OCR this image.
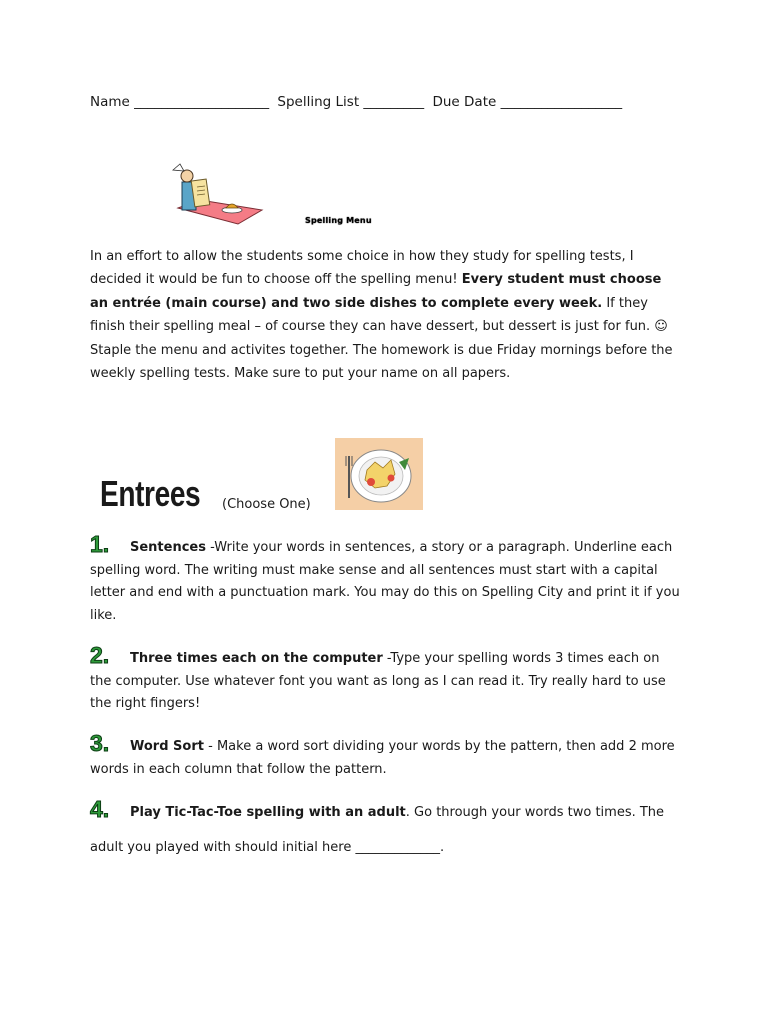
Name ____________________ Spelling List _________ Due Date __________________
Spelling Menu
In an effort to allow the students some choice in how they study for spelling tests, I decided it would be fun to choose off the spelling menu! Every student must choose an entrée (main course) and two side dishes to complete every week. If they finish their spelling meal – of course they can have dessert, but dessert is just for fun. ☺ Staple the menu and activites together. The homework is due Friday mornings before the weekly spelling tests. Make sure to put your name on all papers.
Entrees (Choose One)
1. Sentences -Write your words in sentences, a story or a paragraph. Underline each spelling word. The writing must make sense and all sentences must start with a capital letter and end with a punctuation mark. You may do this on Spelling City and print it if you like.
2. Three times each on the computer -Type your spelling words 3 times each on the computer. Use whatever font you want as long as I can read it. Try really hard to use the right fingers!
3. Word Sort - Make a word sort dividing your words by the pattern, then add 2 more words in each column that follow the pattern.
4. Play Tic-Tac-Toe spelling with an adult. Go through your words two times. The
adult you played with should initial here _____________.
